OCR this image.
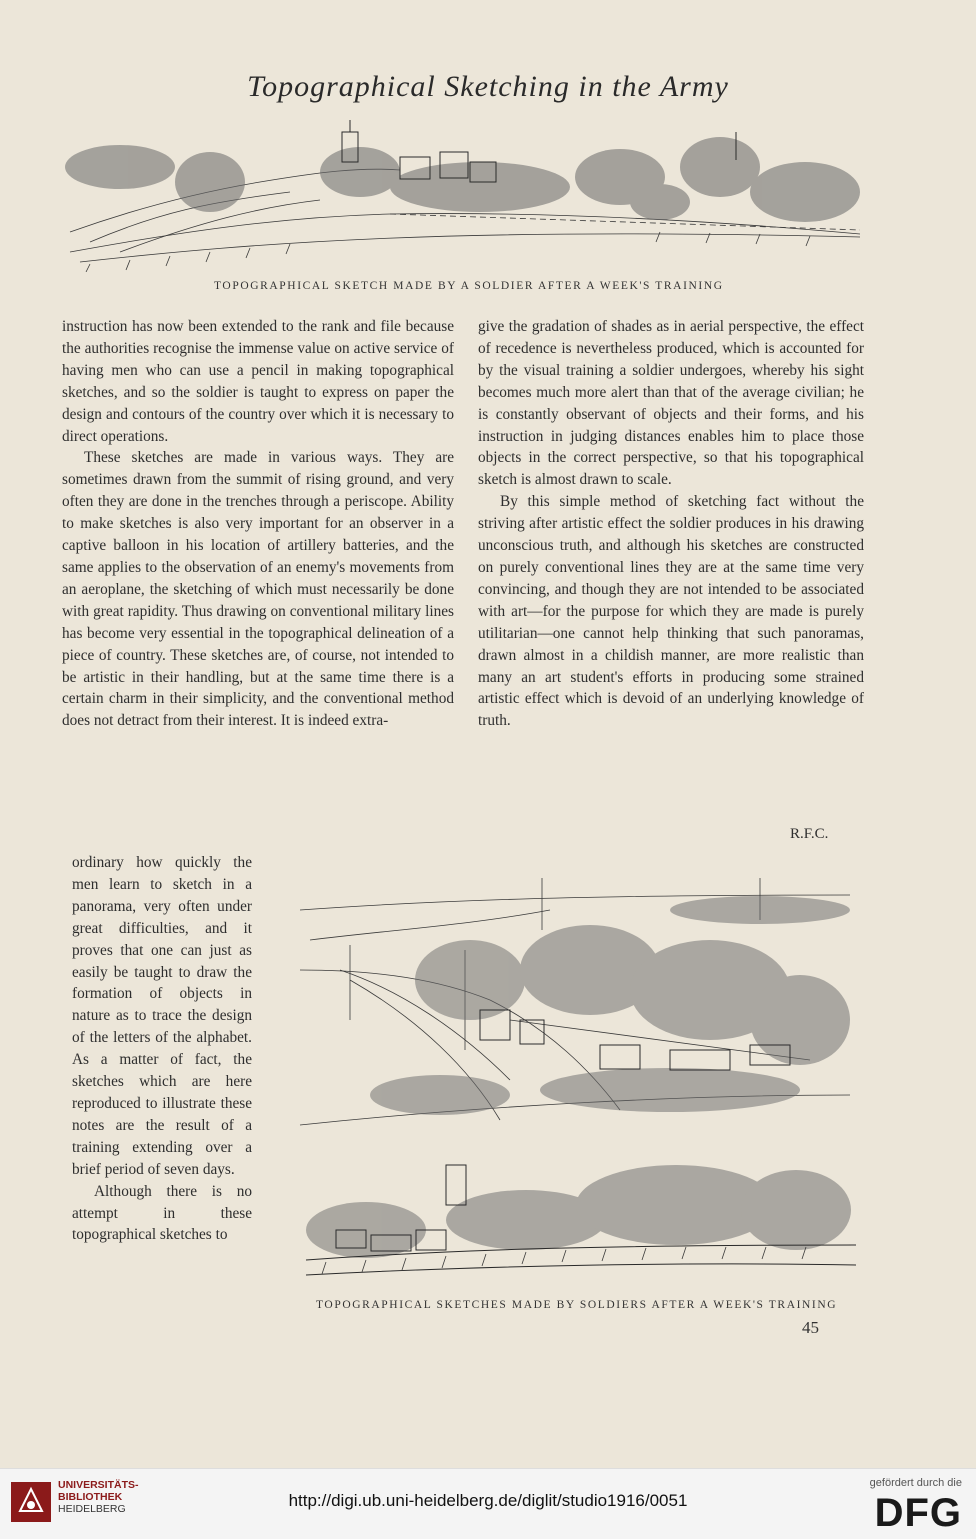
Topographical Sketching in the Army
TOPOGRAPHICAL SKETCH MADE BY A SOLDIER AFTER A WEEK'S TRAINING

instruction has now been extended to the rank and file because the authorities recognise the immense value on active service of having men who can use a pencil in making topographical sketches, and so the soldier is taught to express on paper the design and contours of the country over which it is necessary to direct operations.

These sketches are made in various ways. They are sometimes drawn from the summit of rising ground, and very often they are done in the trenches through a periscope. Ability to make sketches is also very important for an observer in a captive balloon in his location of artillery batteries, and the same applies to the observation of an enemy's movements from an aeroplane, the sketching of which must necessarily be done with great rapidity. Thus drawing on conventional military lines has become very essential in the topographical delineation of a piece of country. These sketches are, of course, not intended to be artistic in their handling, but at the same time there is a certain charm in their simplicity, and the conventional method does not detract from their interest. It is indeed extra-

ordinary how quickly the men learn to sketch in a panorama, very often under great difficulties, and it proves that one can just as easily be taught to draw the formation of objects in nature as to trace the design of the letters of the alphabet. As a matter of fact, the sketches which are here reproduced to illustrate these notes are the result of a training extending over a brief period of seven days.

Although there is no attempt in these topographical sketches to

give the gradation of shades as in aerial perspective, the effect of recedence is nevertheless produced, which is accounted for by the visual training a soldier undergoes, whereby his sight becomes much more alert than that of the average civilian; he is constantly observant of objects and their forms, and his instruction in judging distances enables him to place those objects in the correct perspective, so that his topographical sketch is almost drawn to scale.

By this simple method of sketching fact without the striving after artistic effect the soldier produces in his drawing unconscious truth, and although his sketches are constructed on purely conventional lines they are at the same time very convincing, and though they are not intended to be associated with art—for the purpose for which they are made is purely utilitarian—one cannot help thinking that such panoramas, drawn almost in a childish manner, are more realistic than many an art student's efforts in producing some strained artistic effect which is devoid of an underlying knowledge of truth.

R.F.C.
TOPOGRAPHICAL SKETCHES MADE BY SOLDIERS AFTER A WEEK'S TRAINING
45
UNIVERSITÄTS-
BIBLIOTHEK
HEIDELBERG	http://digi.ub.uni-heidelberg.de/diglit/studio1916/0051
gefördert durch die
DFG
